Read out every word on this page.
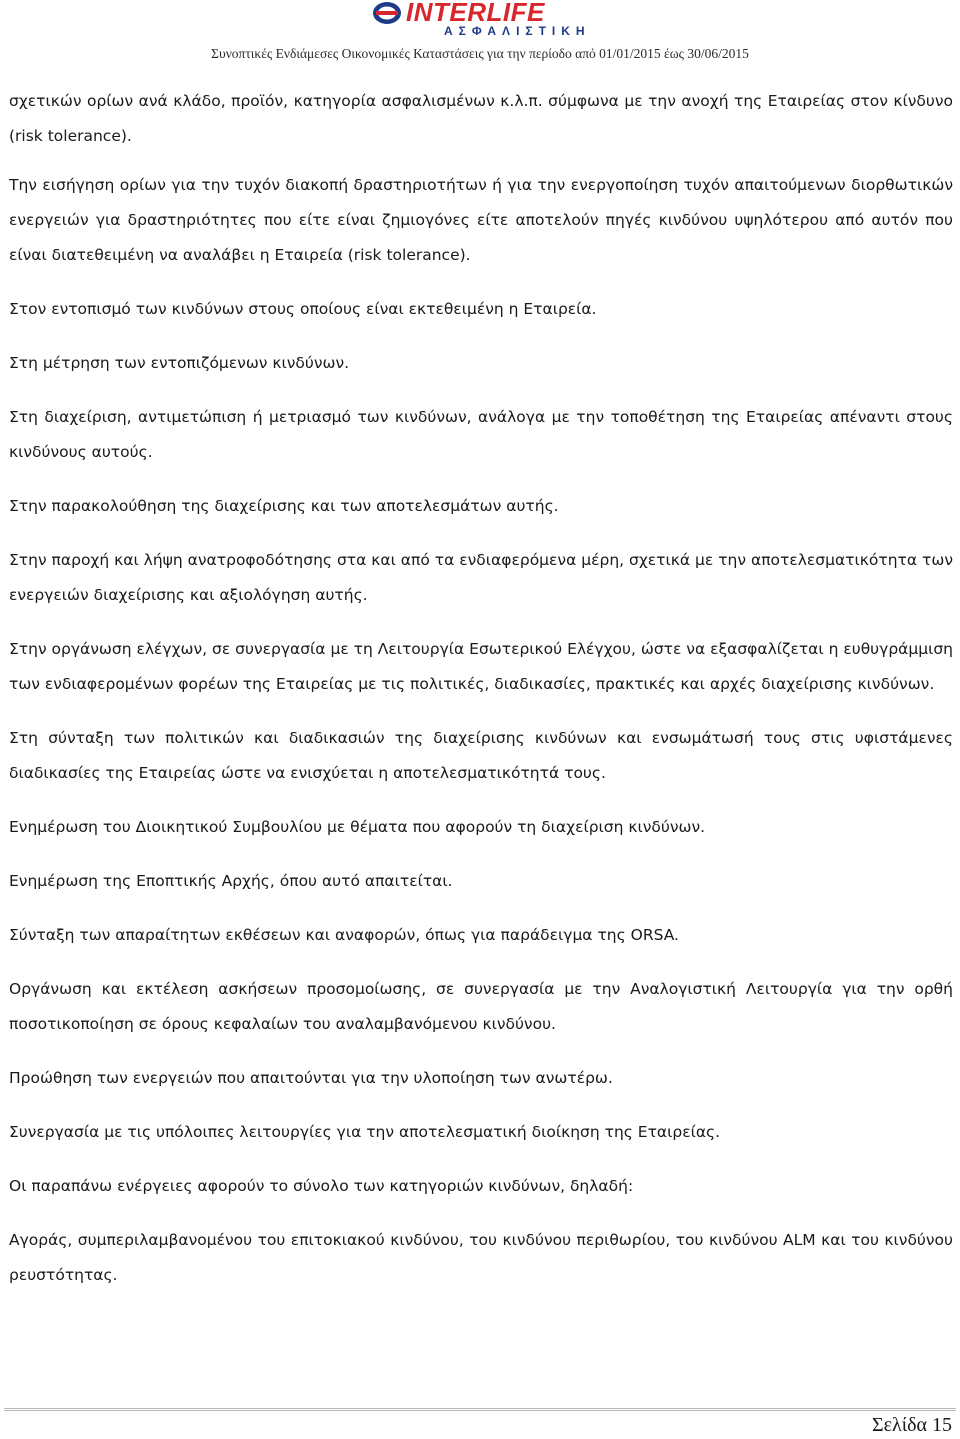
INTERLIFE
ΑΣΦΑΛΙΣΤΙΚΗ
Συνοπτικές Ενδιάμεσες Οικονομικές Καταστάσεις για την περίοδο από 01/01/2015 έως 30/06/2015

σχετικών ορίων ανά κλάδο, προϊόν, κατηγορία ασφαλισμένων κ.λ.π. σύμφωνα με την ανοχή της Εταιρείας στον κίνδυνο (risk tolerance).

Την εισήγηση ορίων για την τυχόν διακοπή δραστηριοτήτων ή για την ενεργοποίηση τυχόν απαιτούμενων διορθωτικών ενεργειών για δραστηριότητες που είτε είναι ζημιογόνες είτε αποτελούν πηγές κινδύνου υψηλότερου από αυτόν που είναι διατεθειμένη να αναλάβει η Εταιρεία (risk tolerance).

Στον εντοπισμό των κινδύνων στους οποίους είναι εκτεθειμένη η Εταιρεία.

Στη μέτρηση των εντοπιζόμενων κινδύνων.

Στη διαχείριση, αντιμετώπιση ή μετριασμό των κινδύνων, ανάλογα με την τοποθέτηση της Εταιρείας απέναντι στους κινδύνους αυτούς.

Στην παρακολούθηση της διαχείρισης και των αποτελεσμάτων αυτής.

Στην παροχή και λήψη ανατροφοδότησης στα και από τα ενδιαφερόμενα μέρη, σχετικά με την αποτελεσματικότητα των ενεργειών διαχείρισης και αξιολόγηση αυτής.

Στην οργάνωση ελέγχων, σε συνεργασία με τη Λειτουργία Εσωτερικού Ελέγχου, ώστε να εξασφαλίζεται η ευθυγράμμιση των ενδιαφερομένων φορέων της Εταιρείας με τις πολιτικές, διαδικασίες, πρακτικές και αρχές διαχείρισης κινδύνων.

Στη σύνταξη των πολιτικών και διαδικασιών της διαχείρισης κινδύνων και ενσωμάτωσή τους στις υφιστάμενες διαδικασίες της Εταιρείας ώστε να ενισχύεται η αποτελεσματικότητά τους.

Ενημέρωση του Διοικητικού Συμβουλίου με θέματα που αφορούν τη διαχείριση κινδύνων.

Ενημέρωση της Εποπτικής Αρχής, όπου αυτό απαιτείται.

Σύνταξη των απαραίτητων εκθέσεων και αναφορών, όπως για παράδειγμα της ORSA.

Οργάνωση και εκτέλεση ασκήσεων προσομοίωσης, σε συνεργασία με την Αναλογιστική Λειτουργία για την ορθή ποσοτικοποίηση σε όρους κεφαλαίων του αναλαμβανόμενου κινδύνου.

Προώθηση των ενεργειών που απαιτούνται για την υλοποίηση των ανωτέρω.

Συνεργασία με τις υπόλοιπες λειτουργίες για την αποτελεσματική διοίκηση της Εταιρείας.

Οι παραπάνω ενέργειες αφορούν το σύνολο των κατηγοριών κινδύνων, δηλαδή:

Αγοράς, συμπεριλαμβανομένου του επιτοκιακού κινδύνου, του κινδύνου περιθωρίου, του κινδύνου ALM και του κινδύνου ρευστότητας.

Σελίδα 15
